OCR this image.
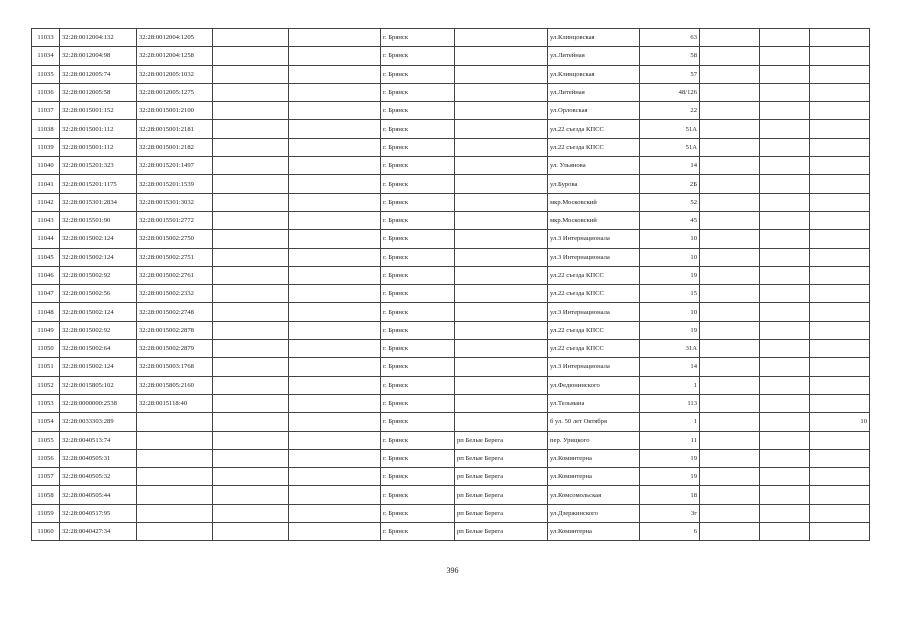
11033	32:28:0012004:132	32:28:0012004:1205			г. Брянск		ул.Клинцовская	63			
11034	32:28:0012004:98	32:28:0012004:1258			г. Брянск		ул.Литейная	58			
11035	32:28:0012005:74	32:28:0012005:1032			г. Брянск		ул.Клинцовская	57			
11036	32:28:0012005:58	32:28:0012005:1275			г. Брянск		ул.Литейная	48/126			
11037	32:28:0015001:152	32:28:0015001:2100			г. Брянск		ул.Орловская	22			
11038	32:28:0015001:112	32:28:0015001:2181			г. Брянск		ул.22 съезда КПСС	51А			
11039	32:28:0015001:112	32:28:0015001:2182			г. Брянск		ул.22 съезда КПСС	51А			
11040	32:28:0015201:323	32:28:0015201:1497			г. Брянск		ул. Ульянова	14			
11041	32:28:0015201:1175	32:28:0015201:1539			г. Брянск		ул.Бурова	2Б			
11042	32:28:0015301:2834	32:28:0015301:3032			г. Брянск		мкр.Московский	52			
11043	32:28:0015501:90	32:28:0015501:2772			г. Брянск		мкр.Московский	45			
11044	32:28:0015002:124	32:28:0015002:2750			г. Брянск		ул.3 Интернационала	10			
11045	32:28:0015002:124	32:28:0015002:2751			г. Брянск		ул.3 Интернационала	10			
11046	32:28:0015002:92	32:28:0015002:2761			г. Брянск		ул.22 съезда КПСС	19			
11047	32:28:0015002:56	32:28:0015002:2332			г. Брянск		ул.22 съезда КПСС	15			
11048	32:28:0015002:124	32:28:0015002:2748			г. Брянск		ул.3 Интернационала	10			
11049	32:28:0015002:92	32:28:0015002:2878			г. Брянск		ул.22 съезда КПСС	19			
11050	32:28:0015002:64	32:28:0015002:2879			г. Брянск		ул.22 съезда КПСС	31А			
11051	32:28:0015002:124	32:28:0015003:1768			г. Брянск		ул.3 Интернационала	14			
11052	32:28:0015805:102	32:28:0015805:2160			г. Брянск		ул.Федюнинского	1			
11053	32:28:0000000:2538	32:28:0015118:40			г. Брянск		ул.Тельмана	113			
11054	32:28:0033303:289				г. Брянск		б ул. 50 лет Октября	1			10
11055	32:28:0040513:74				г. Брянск	рп Белые Берега	пер. Урицкого	11			
11056	32:28:0040505:31				г. Брянск	рп Белые Берега	ул.Коминтерна	19			
11057	32:28:0040505:32				г. Брянск	рп Белые Берега	ул.Коминтерна	19			
11058	32:28:0040505:44				г. Брянск	рп Белые Берега	ул.Комсомольская	18			
11059	32:28:0040517:95				г. Брянск	рп Белые Берега	ул.Дзержинского	3г			
11060	32:28:0040427:34				г. Брянск	рп Белые Берега	ул.Коминтерна	6			
396
